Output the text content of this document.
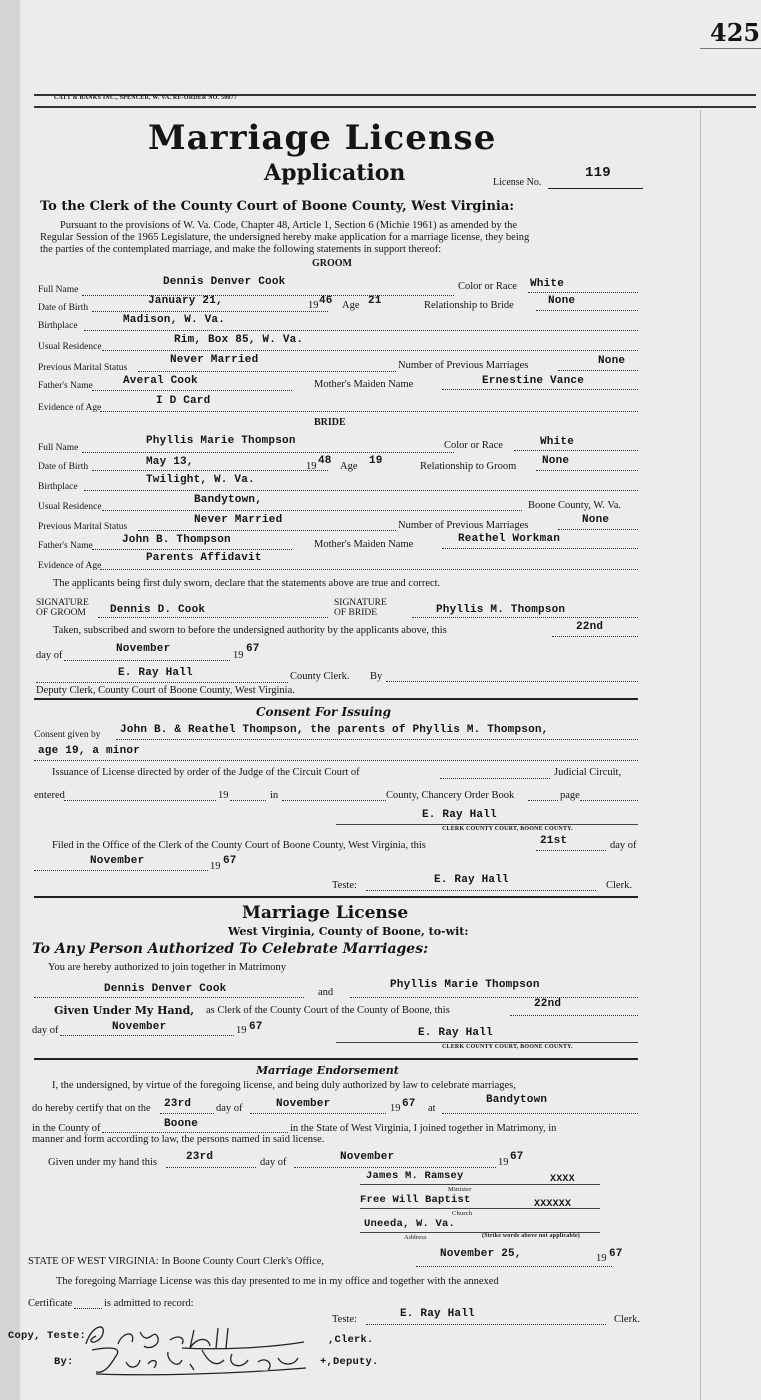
425
CATT & BANKS INC., SPENCER, W. VA. RE-ORDER NO. 50077
Marriage License
Application	License No.
119
To the Clerk of the County Court of Boone County, West Virginia:
Pursuant to the provisions of W. Va. Code, Chapter 48, Article 1, Section 6 (Michie 1961) as amended by the
Regular Session of the 1965 Legislature, the undersigned hereby make application for a marriage license, they being
the parties of the contemplated marriage, and make the following statements in support thereof:
GROOM
Full Name
Dennis Denver Cook	Color or Race White
Date of Birth
January 21,	19 46 Age 21	Relationship to Bride	None
Birthplace	Madison, W. Va.
Usual Residence
Rim, Box 85, W. Va.
Previous Marital Status
Never Married	Number of Previous Marriages	None
Father's Name	Averal Cook	Mother's Maiden Name	Ernestine Vance
Evidence of Age
I D Card
BRIDE
Full Name
Phyllis Marie Thompson	Color or Race	White
Date of Birth	May 13,	19 48 Age 19	Relationship to Groom None
Birthplace
Twilight, W. Va.
Usual Residence
Bandytown,	Boone County, W. Va.
Previous Marital Status
Never Married	Number of Previous Marriages	None
Father's Name	John B. Thompson	Mother's Maiden Name	Reathel Workman
Evidence of Age
Parents Affidavit
The applicants being first duly sworn, declare that the statements above are true and correct.
SIGNATURE
OF GROOM Dennis D. Cook
SIGNATURE
OF BRIDE	Phyllis M. Thompson
Taken, subscribed and sworn to before the undersigned authority by the applicants above, this	22nd
day of
November
19
67
E. Ray Hall	County Clerk. By
Deputy Clerk, County Court of Boone County, West Virginia.
Consent For Issuing
Consent given by John B. & Reathel Thompson, the parents of Phyllis M. Thompson,
age 19, a minor
Issuance of License directed by order of the Judge of the Circuit Court of	Judicial Circuit,
entered	19	in	County, Chancery Order Book	page
E. Ray Hall
CLERK COUNTY COURT, BOONE COUNTY.
Filed in the Office of the Clerk of the County Court of Boone County, West Virginia, this	21st	day of
November	19 67
Teste:	E. Ray Hall	Clerk.
Marriage License
West Virginia, County of Boone, to-wit:
To Any Person Authorized To Celebrate Marriages:
You are hereby authorized to join together in Matrimony
Dennis Denver Cook	and
Phyllis Marie Thompson
Given Under My Hand, as Clerk of the County Court of the County of Boone, this
22nd
day of	November	19 67	E. Ray Hall
CLERK COUNTY COURT, BOONE COUNTY.
Marriage Endorsement
I, the undersigned, by virtue of the foregoing license, and being duly authorized by law to celebrate marriages,
do hereby certify that on the 23rd day of	November	19 67 at
Bandytown
in the County of	Boone	in the State of West Virginia, I joined together in Matrimony, in
manner and form according to law, the persons named in said license.
Given under my hand this	23rd	day of	November	19 67
James M. Ramsey	XXXX
Minister
Free Will Baptist	XXXXXX
Church
Uneeda, W. Va.
Address	(Strike words above not applicable)
STATE OF WEST VIRGINIA: In Boone County Court Clerk's Office,
November 25,	19 67
The foregoing Marriage License was this day presented to me in my office and together with the annexed
Certificate	is admitted to record:
Teste:	E. Ray Hall	Clerk.
Copy, Teste:	,Clerk.
By:	+,Deputy.
